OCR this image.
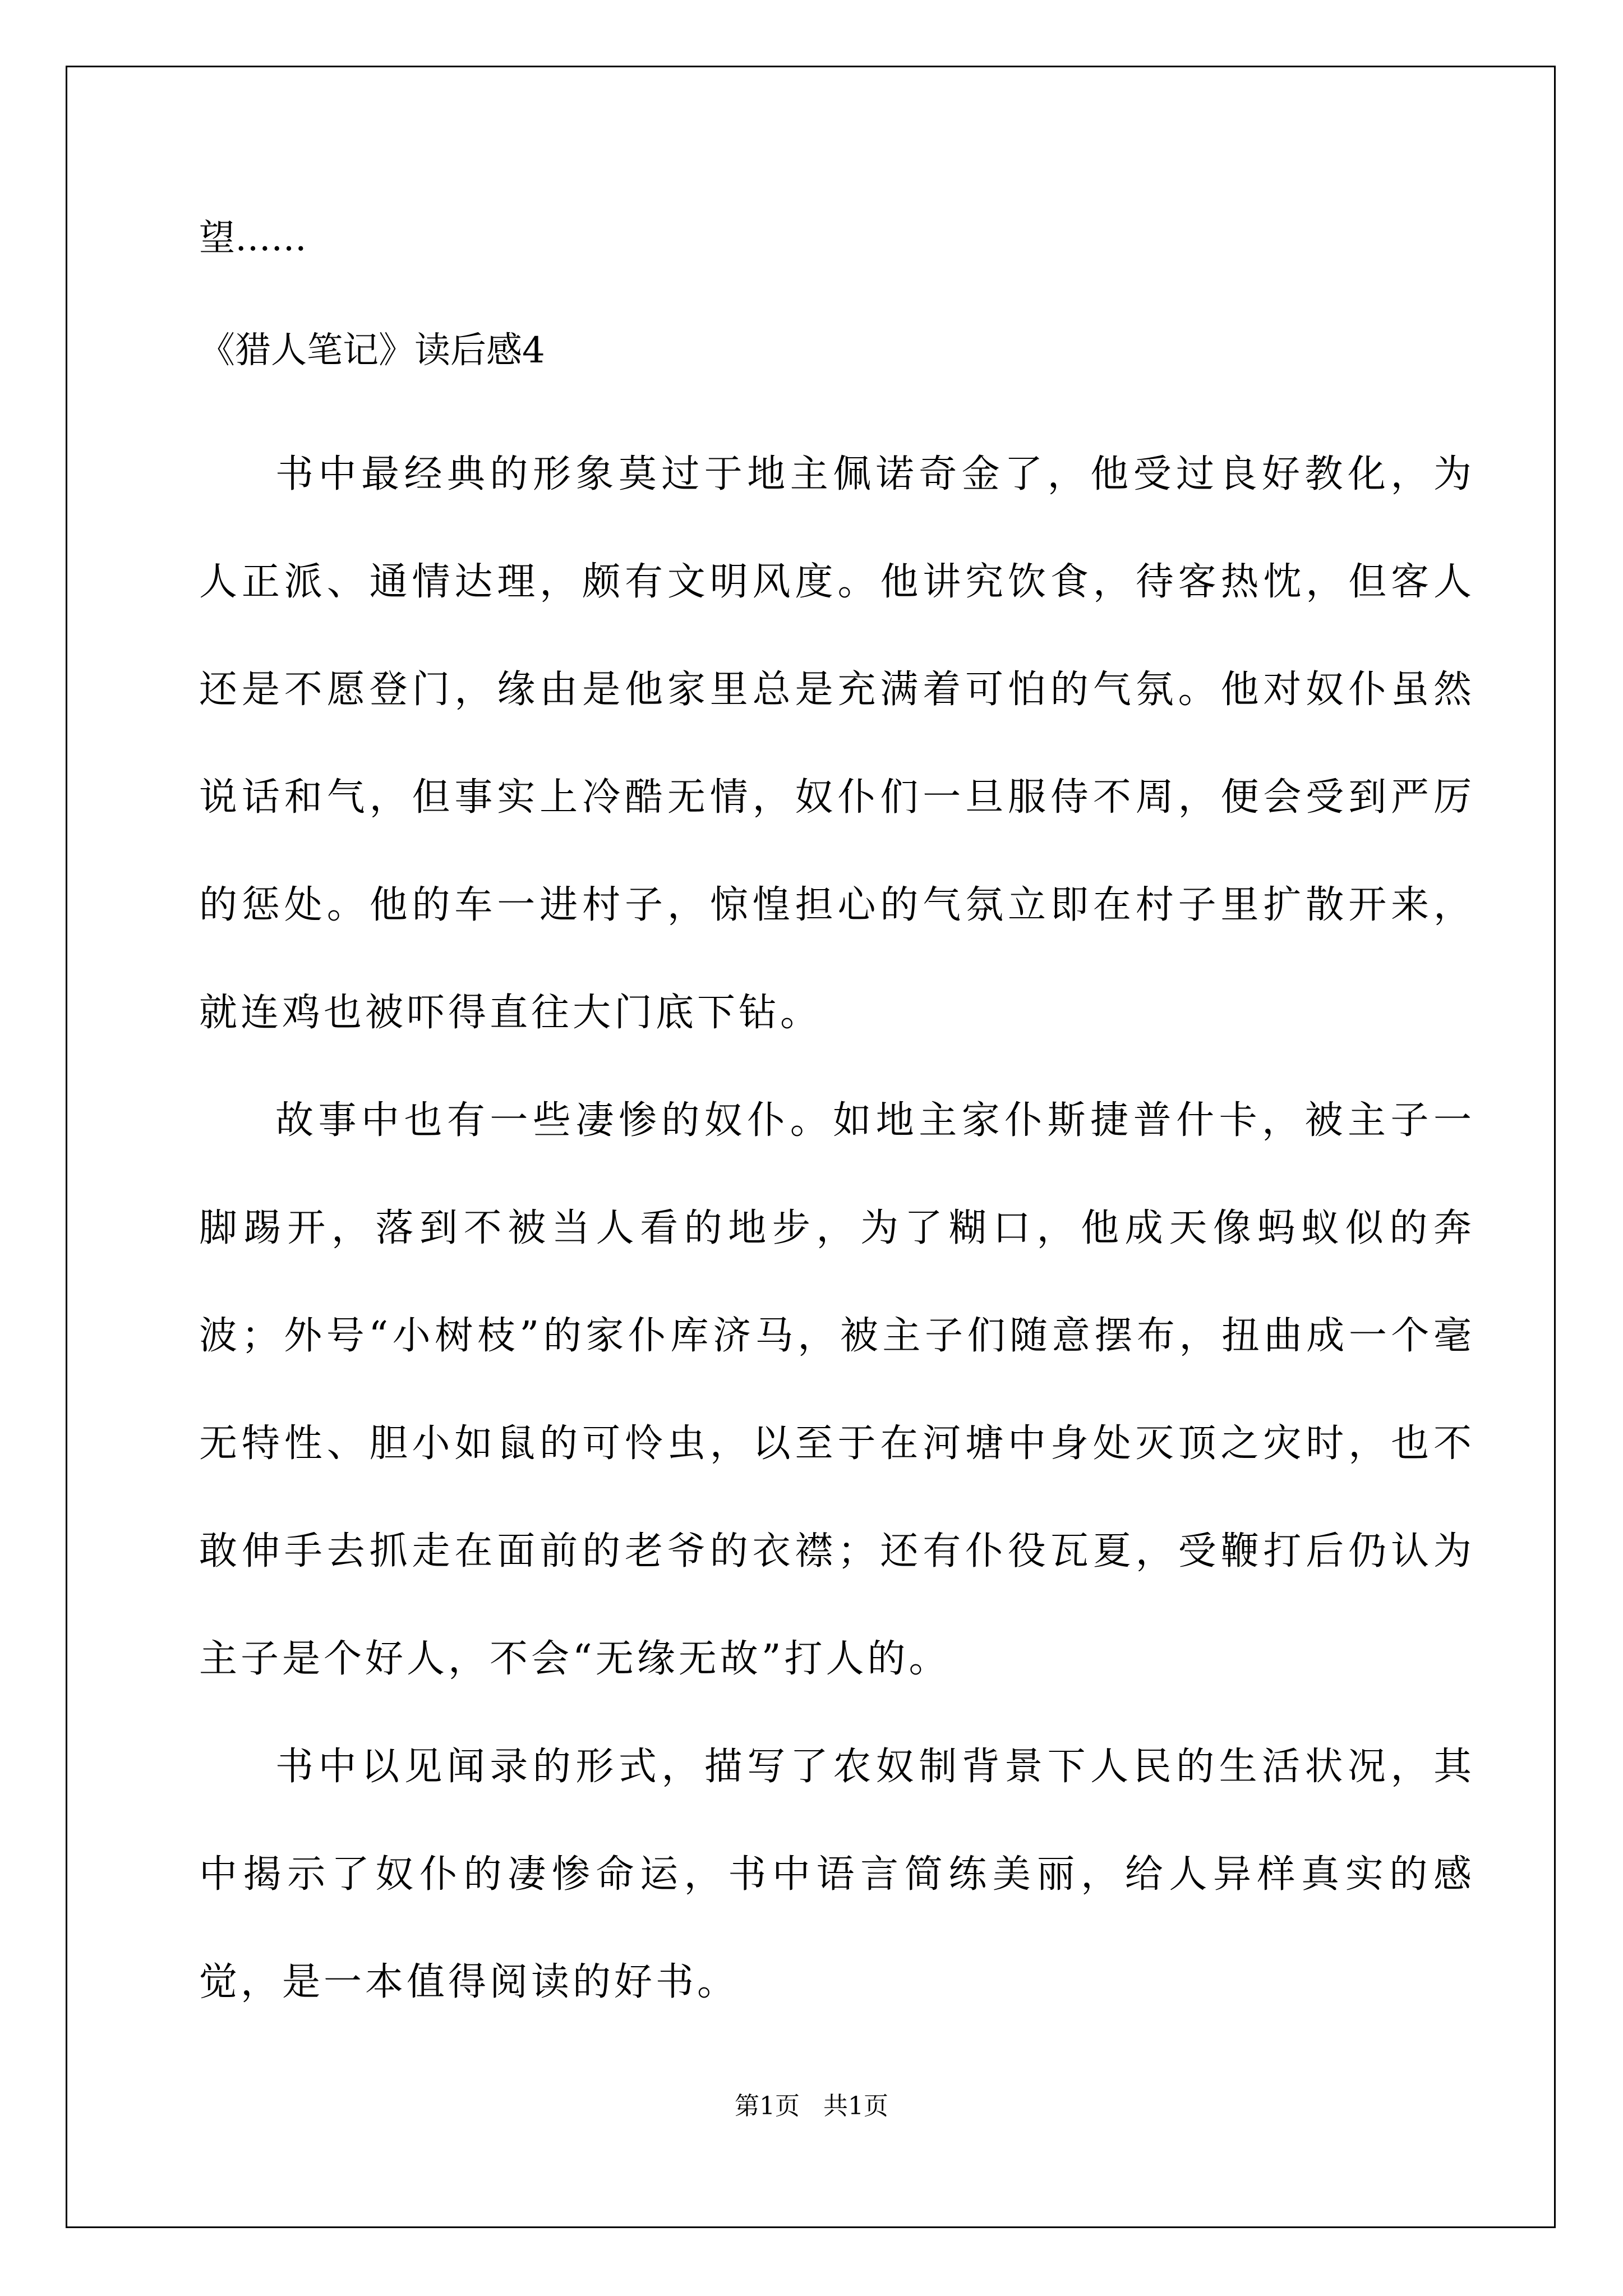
望……

《猎人笔记》读后感4

书中最经典的形象莫过于地主佩诺奇金了，他受过良好教化，为人正派、通情达理，颇有文明风度。他讲究饮食，待客热忱，但客人还是不愿登门，缘由是他家里总是充满着可怕的气氛。他对奴仆虽然说话和气，但事实上冷酷无情，奴仆们一旦服侍不周，便会受到严厉的惩处。他的车一进村子，惊惶担心的气氛立即在村子里扩散开来，就连鸡也被吓得直往大门底下钻。

故事中也有一些凄惨的奴仆。如地主家仆斯捷普什卡，被主子一脚踢开，落到不被当人看的地步，为了糊口，他成天像蚂蚁似的奔波；外号“小树枝”的家仆库济马，被主子们随意摆布，扭曲成一个毫无特性、胆小如鼠的可怜虫，以至于在河塘中身处灭顶之灾时，也不敢伸手去抓走在面前的老爷的衣襟；还有仆役瓦夏，受鞭打后仍认为主子是个好人，不会“无缘无故”打人的。

书中以见闻录的形式，描写了农奴制背景下人民的生活状况，其中揭示了奴仆的凄惨命运，书中语言简练美丽，给人异样真实的感觉，是一本值得阅读的好书。

第1页   共1页
